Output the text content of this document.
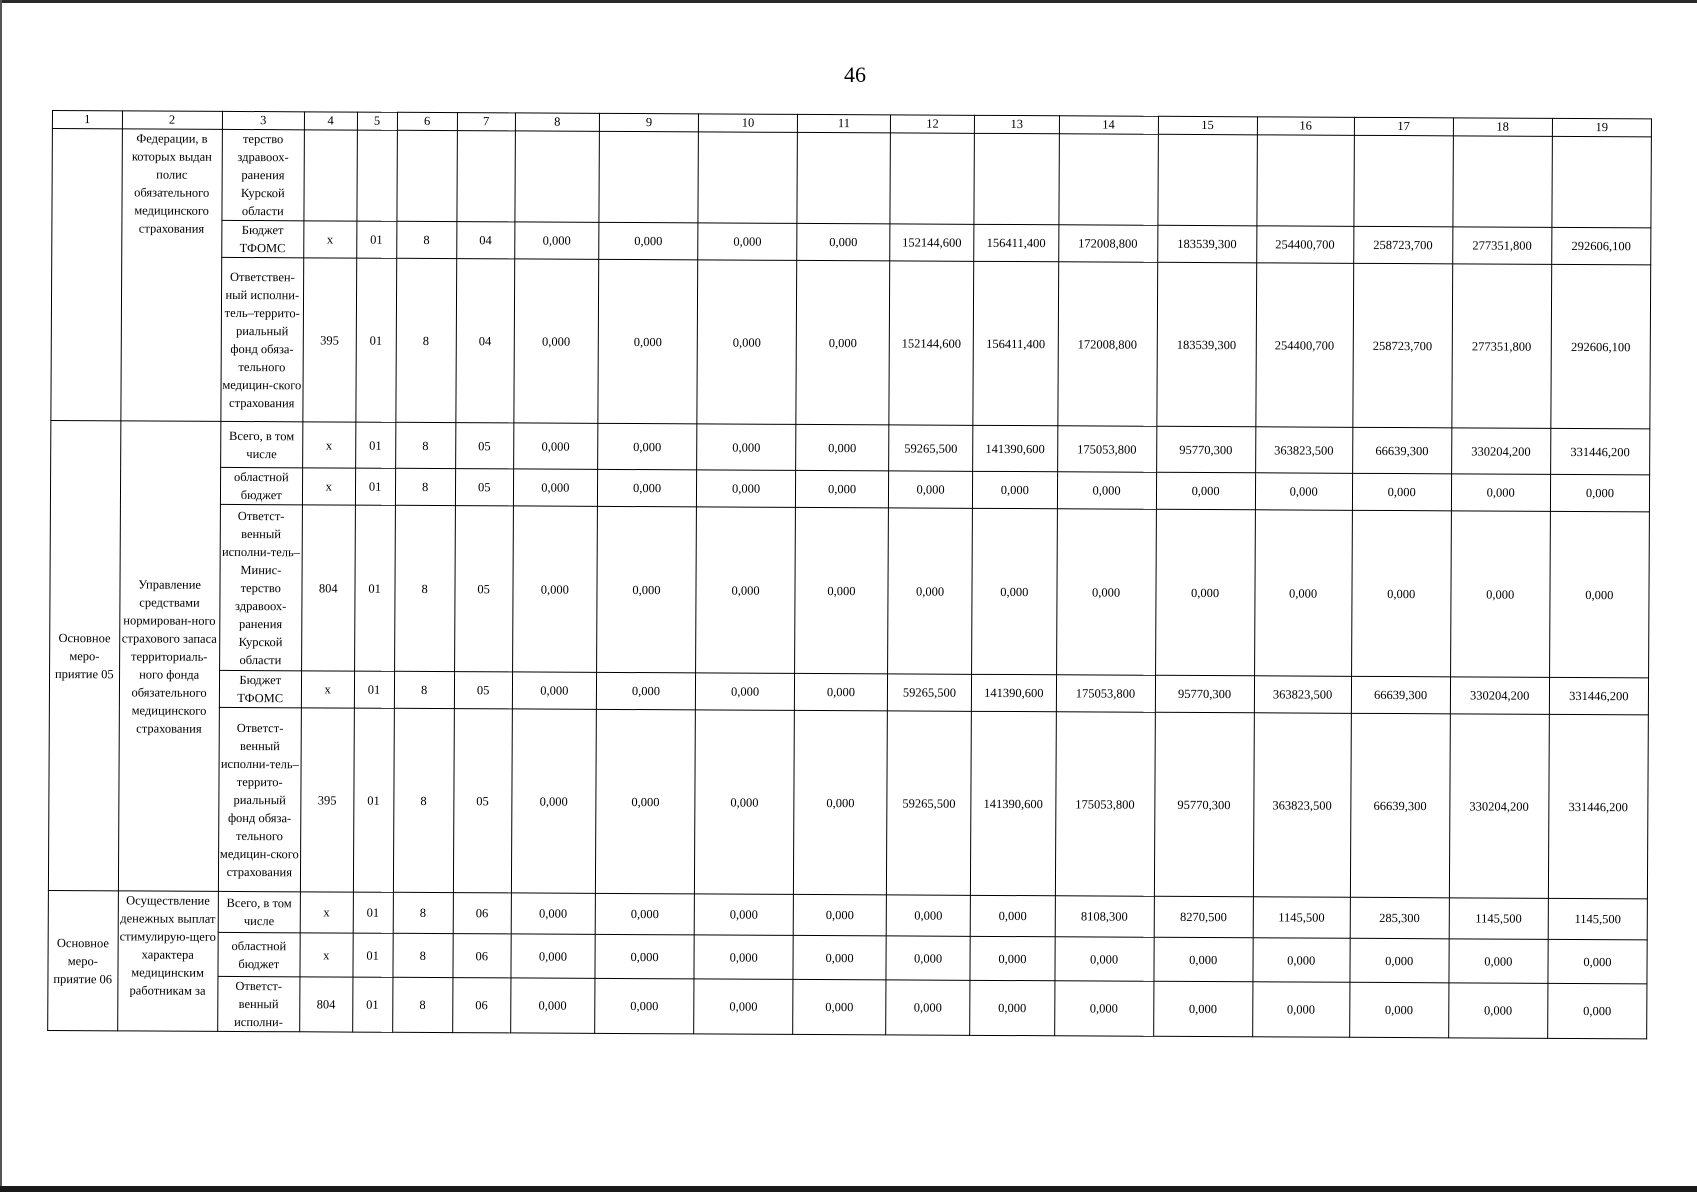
46
1	2	3	4	5	6	7	8	9	10	11	12	13	14	15	16	17	18	19
	Федерации, в которых выдан полис обязательного медицинского страхования	терство здравоох-ранения Курской области																
		Бюджет ТФОМС	x	01	8	04	0,000	0,000	0,000	0,000	152144,600	156411,400	172008,800	183539,300	254400,700	258723,700	277351,800	292606,100
		Ответствен-ный исполни-тель–террито-риальный фонд обяза-тельного медицин-ского страхования	395	01	8	04	0,000	0,000	0,000	0,000	152144,600	156411,400	172008,800	183539,300	254400,700	258723,700	277351,800	292606,100
Основное меро-приятие 05	Управление средствами нормирован-ного страхового запаса территориаль-ного фонда обязательного медицинского страхования	Всего, в том числе	x	01	8	05	0,000	0,000	0,000	0,000	59265,500	141390,600	175053,800	95770,300	363823,500	66639,300	330204,200	331446,200
		областной бюджет	x	01	8	05	0,000	0,000	0,000	0,000	0,000	0,000	0,000	0,000	0,000	0,000	0,000	0,000
		Ответст-венный исполни-тель– Минис-терство здравоох-ранения Курской области	804	01	8	05	0,000	0,000	0,000	0,000	0,000	0,000	0,000	0,000	0,000	0,000	0,000	0,000
		Бюджет ТФОМС	x	01	8	05	0,000	0,000	0,000	0,000	59265,500	141390,600	175053,800	95770,300	363823,500	66639,300	330204,200	331446,200
		Ответст-венный исполни-тель–террито-риальный фонд обяза-тельного медицин-ского страхования	395	01	8	05	0,000	0,000	0,000	0,000	59265,500	141390,600	175053,800	95770,300	363823,500	66639,300	330204,200	331446,200
Основное меро-приятие 06	Осуществление денежных выплат стимулирую-щего характера медицинским работникам за	Всего, в том числе	x	01	8	06	0,000	0,000	0,000	0,000	0,000	0,000	8108,300	8270,500	1145,500	285,300	1145,500	1145,500
		областной бюджет	x	01	8	06	0,000	0,000	0,000	0,000	0,000	0,000	0,000	0,000	0,000	0,000	0,000	0,000
		Ответст-венный исполни-	804	01	8	06	0,000	0,000	0,000	0,000	0,000	0,000	0,000	0,000	0,000	0,000	0,000	0,000
